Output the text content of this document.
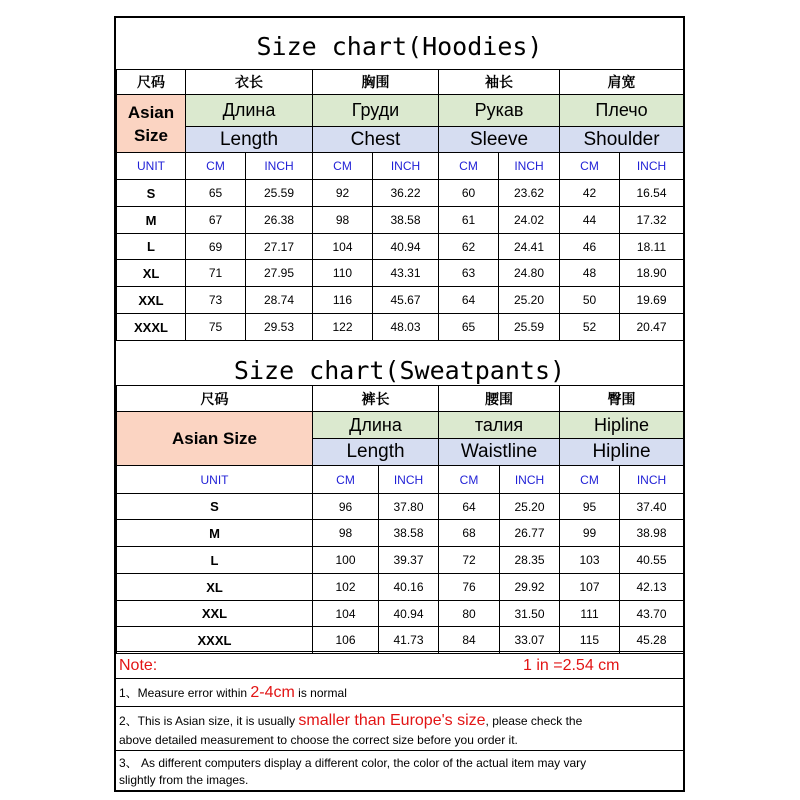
Size chart(Hoodies)
尺码	衣长		胸围		袖长		肩宽	
Asian Size	Длина		Груди		Рукав		Плечо	
	Length		Chest		Sleeve		Shoulder	
UNIT	CM	INCH	CM	INCH	CM	INCH	CM	INCH
S	65	25.59	92	36.22	60	23.62	42	16.54
M	67	26.38	98	38.58	61	24.02	44	17.32
L	69	27.17	104	40.94	62	24.41	46	18.11
XL	71	27.95	110	43.31	63	24.80	48	18.90
XXL	73	28.74	116	45.67	64	25.20	50	19.69
XXXL	75	29.53	122	48.03	65	25.59	52	20.47
Size chart(Sweatpants)
尺码	裤长		腰围		臀围	
Asian Size	Длина		талия		Hipline	
	Length		Waistline		Hipline	
UNIT	CM	INCH	CM	INCH	CM	INCH
S	96	37.80	64	25.20	95	37.40
M	98	38.58	68	26.77	99	38.98
L	100	39.37	72	28.35	103	40.55
XL	102	40.16	76	29.92	107	42.13
XXL	104	40.94	80	31.50	111	43.70
XXXL	106	41.73	84	33.07	115	45.28
Note:	1 in =2.54 cm
1、Measure error within 2-4cm is normal
2、This is Asian size, it is usually smaller than Europe's size, please check the
above detailed measurement to choose the correct size before you order it.
3、 As different computers display a different color, the color of the actual item may vary
slightly from the images.
